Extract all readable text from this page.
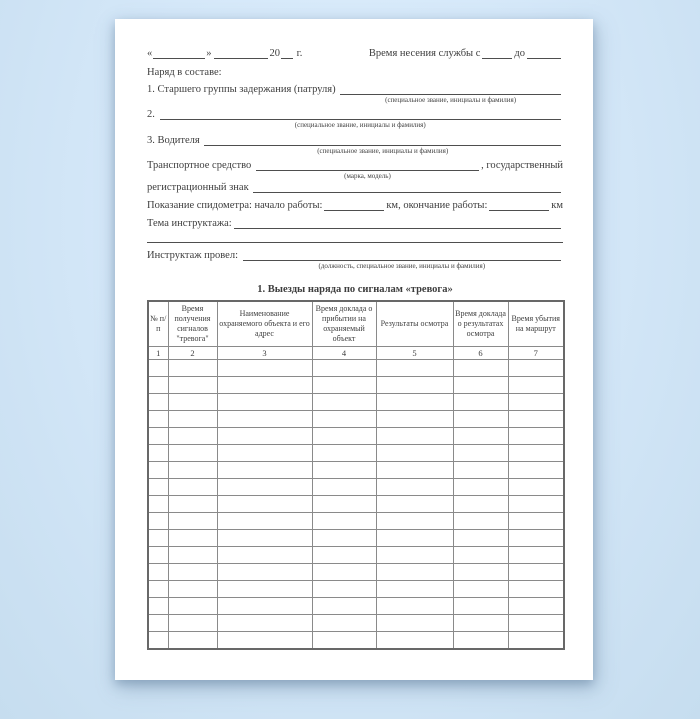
«	»	20 г.	Время несения службы с	до
Наряд в составе:
1. Старшего группы задержания (патруля)
(специальное звание, инициалы и фамилия)
2.
(специальное звание, инициалы и фамилия)
3. Водителя
(специальное звание, инициалы и фамилия)
Транспортное средство	, государственный
(марка, модель)
регистрационный знак
Показание спидометра: начало работы:	км, окончание работы:	км
Тема инструктажа:
Инструктаж провел:
(должность, специальное звание, инициалы и фамилия)
1. Выезды наряда по сигналам «тревога»
№ п/п	Время получения сигналов "тревога"	Наименование охраняемого объекта и его адрес	Время доклада о прибытии на охраняемый объект	Результаты осмотра	Время доклада о результатах осмотра	Время убытия на маршрут
1	2	3	4	5	6	7
